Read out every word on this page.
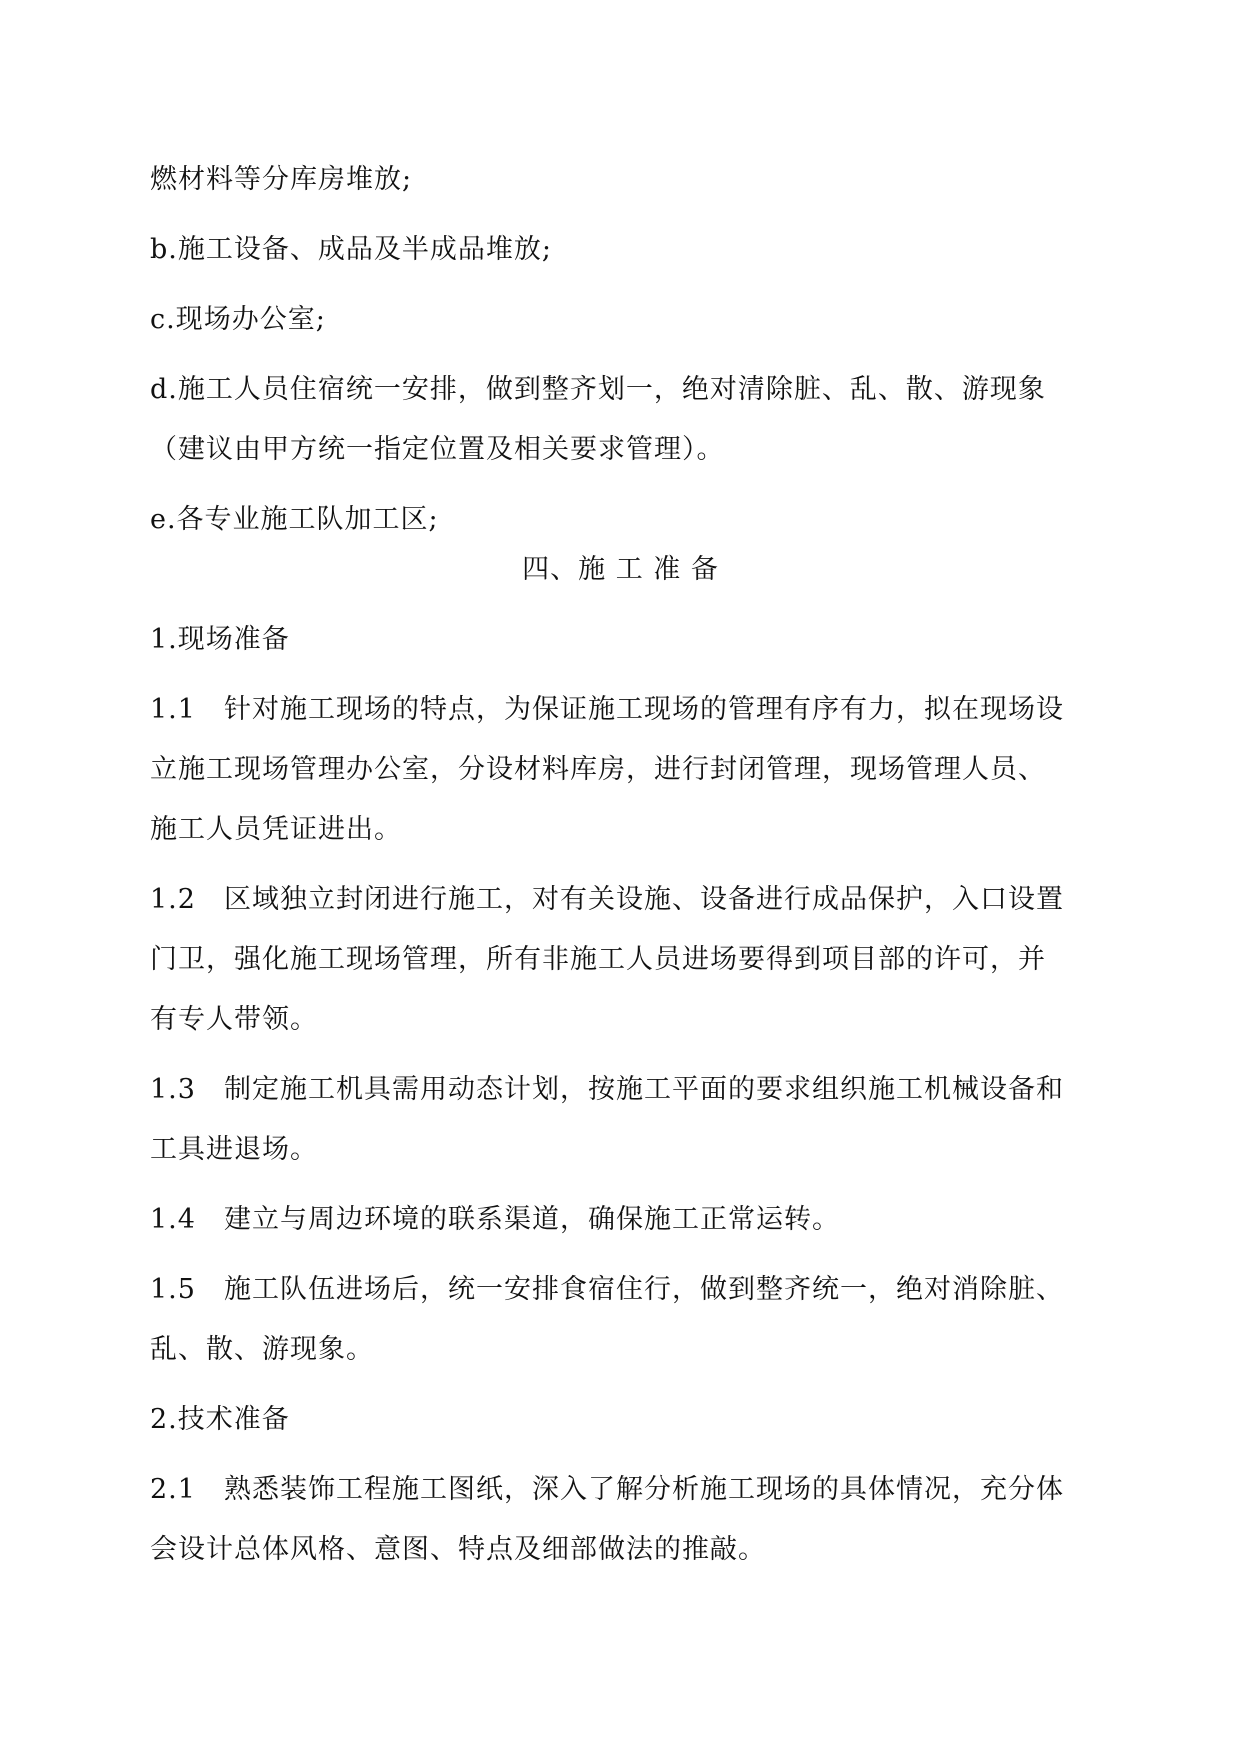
燃材料等分库房堆放;
b.施工设备、成品及半成品堆放;
c.现场办公室;
d.施工人员住宿统一安排，做到整齐划一，绝对清除脏、乱、散、游现象
（建议由甲方统一指定位置及相关要求管理）。
e.各专业施工队加工区;
四、施 工 准 备
1.现场准备
1.1　针对施工现场的特点，为保证施工现场的管理有序有力，拟在现场设
立施工现场管理办公室，分设材料库房，进行封闭管理，现场管理人员、
施工人员凭证进出。
1.2　区域独立封闭进行施工，对有关设施、设备进行成品保护，入口设置
门卫，强化施工现场管理，所有非施工人员进场要得到项目部的许可，并
有专人带领。
1.3　制定施工机具需用动态计划，按施工平面的要求组织施工机械设备和
工具进退场。
1.4　建立与周边环境的联系渠道，确保施工正常运转。
1.5　施工队伍进场后，统一安排食宿住行，做到整齐统一，绝对消除脏、
乱、散、游现象。
2.技术准备
2.1　熟悉装饰工程施工图纸，深入了解分析施工现场的具体情况，充分体
会设计总体风格、意图、特点及细部做法的推敲。
